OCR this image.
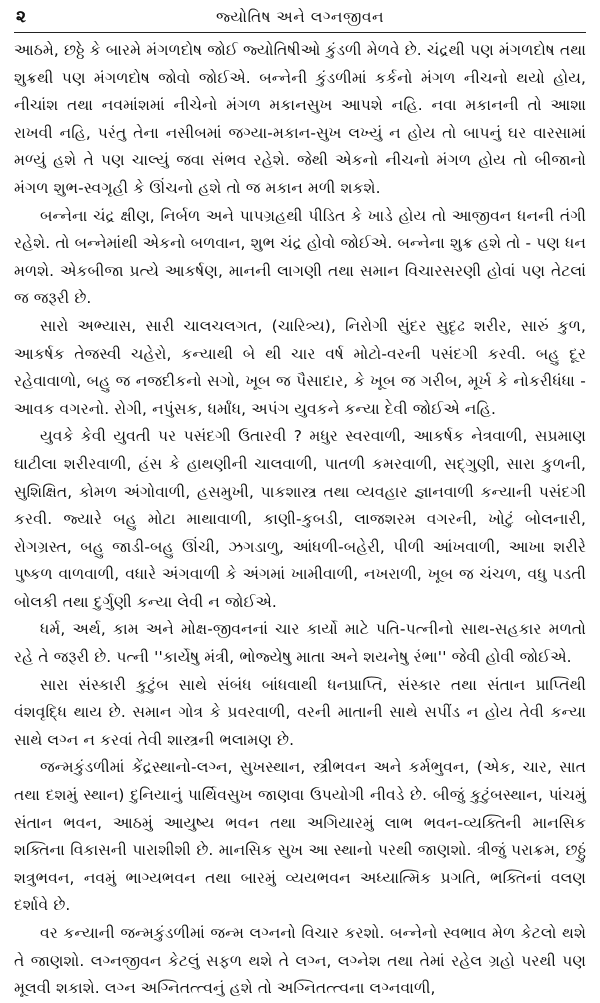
૨	જ્યોતિષ અને લગ્નજીવન

આઠમે, છઠ્ઠે કે બારમે મંગળદોષ જોઈ જ્યોતિષીઓ કુંડળી મેળવે છે. ચંદ્રથી પણ મંગળદોષ તથા શુક્રથી પણ મંગળદોષ જોવો જોઈએ. બન્નેની કુંડળીમાં કર્કનો મંગળ નીચનો થયો હોય, નીચાંશ તથા નવમાંશમાં નીચેનો મંગળ મકાનસુખ આપશે નહિ. નવા મકાનની તો આશા રાખવી નહિ, પરંતુ તેના નસીબમાં જગ્યા-મકાન-સુખ લખ્યું ન હોય તો બાપનું ઘર વારસામાં મળ્યું હશે તે પણ ચાલ્યું જવા સંભવ રહેશે. જેથી એકનો નીચનો મંગળ હોય તો બીજાનો મંગળ શુભ-સ્વગૃહી કે ઊંચનો હશે તો જ મકાન મળી શકશે.

બન્નેના ચંદ્ર ક્ષીણ, નિર્બળ અને પાપગ્રહથી પીડિત કે ખાડે હોય તો આજીવન ધનની તંગી રહેશે. તો બન્નેમાંથી એકનો બળવાન, શુભ ચંદ્ર હોવો જોઈએ. બન્નેના શુક્ર હશે તો - પણ ધન મળશે. એકબીજા પ્રત્યે આકર્ષણ, માનની લાગણી તથા સમાન વિચારસરણી હોવાં પણ તેટલાં જ જરૂરી છે.

સારો અભ્યાસ, સારી ચાલચલગત, (ચારિત્ર્ય), નિરોગી સુંદર સુદૃઢ શરીર, સારું કુળ, આકર્ષક તેજસ્વી ચહેરો, કન્યાથી બે થી ચાર વર્ષ મોટો-વરની પસંદગી કરવી. બહુ દૂર રહેવાવાળો, બહુ જ નજદીકનો સગો, ખૂબ જ પૈસાદાર, કે ખૂબ જ ગરીબ, મૂર્ખ કે નોકરીધંધા - આવક વગરનો. રોગી, નપુંસક, ધર્માંધ, અપંગ યુવકને કન્યા દેવી જોઈએ નહિ.

યુવકે કેવી યુવતી પર પસંદગી ઉતારવી ? મધુર સ્વરવાળી, આકર્ષક નેત્રવાળી, સપ્રમાણ ઘાટીલા શરીરવાળી, હંસ કે હાથણીની ચાલવાળી, પાતળી કમરવાળી, સદ્ગુણી, સારા કુળની, સુશિક્ષિત, કોમળ અંગોવાળી, હસમુખી, પાકશાસ્ત્ર તથા વ્યવહાર જ્ઞાનવાળી કન્યાની પસંદગી કરવી. જ્યારે બહુ મોટા માથાવાળી, કાણી-કુબડી, લાજશરમ વગરની, ખોટું બોલનારી, રોગગ્રસ્ત, બહુ જાડી-બહુ ઊંચી, ઝગડાળુ, આંધળી-બહેરી, પીળી આંખવાળી, આખા શરીરે પુષ્કળ વાળવાળી, વધારે અંગવાળી કે અંગમાં ખામીવાળી, નખરાળી, ખૂબ જ ચંચળ, વધુ પડતી બોલકી તથા દુર્ગુણી કન્યા લેવી ન જોઈએ.

ધર્મ, અર્થ, કામ અને મોક્ષ-જીવનનાં ચાર કાર્યો માટે પતિ-પત્નીનો સાથ-સહકાર મળતો રહે તે જરૂરી છે. પત્ની ''કાર્યેષુ મંત્રી, ભોજ્યેષુ માતા અને શયનેષુ રંભા'' જેવી હોવી જોઈએ.

સારા સંસ્કારી કુટુંબ સાથે સંબંધ બાંધવાથી ધનપ્રાપ્તિ, સંસ્કાર તથા સંતાન પ્રાપ્તિથી વંશવૃદ્ધિ થાય છે. સમાન ગોત્ર કે પ્રવરવાળી, વરની માતાની સાથે સપીંડ ન હોય તેવી કન્યા સાથે લગ્ન ન કરવાં તેવી શાસ્ત્રની ભલામણ છે.

જન્મકુંડળીમાં કેંદ્રસ્થાનો-લગ્ન, સુખસ્થાન, સ્ત્રીભવન અને કર્મભુવન, (એક, ચાર, સાત તથા દશમું સ્થાન) દુનિયાનું પાર્થિવસુખ જાણવા ઉપયોગી નીવડે છે. બીજું કુટુંબસ્થાન, પાંચમું સંતાન ભવન, આઠમું આયુષ્ય ભવન તથા અગિયારમું લાભ ભવન-વ્યક્તિની માનસિક શક્તિના વિકાસની પારાશીશી છે. માનસિક સુખ આ સ્થાનો પરથી જાણશો. ત્રીજું પરાક્રમ, છઠ્ઠું શત્રુભવન, નવમું ભાગ્યભવન તથા બારમું વ્યયભવન અધ્યાત્મિક પ્રગતિ, ભક્તિનાં વલણ દર્શાવે છે.

વર કન્યાની જન્મકુંડળીમાં જન્મ લગ્નનો વિચાર કરશો. બન્નેનો સ્વભાવ મેળ કેટલો થશે તે જાણશો. લગ્નજીવન કેટલું સફળ થશે તે લગ્ન, લગ્નેશ તથા તેમાં રહેલ ગ્રહો પરથી પણ મૂલવી શકાશે. લગ્ન અગ્નિતત્ત્વનું હશે તો અગ્નિતત્ત્વના લગ્નવાળી,
